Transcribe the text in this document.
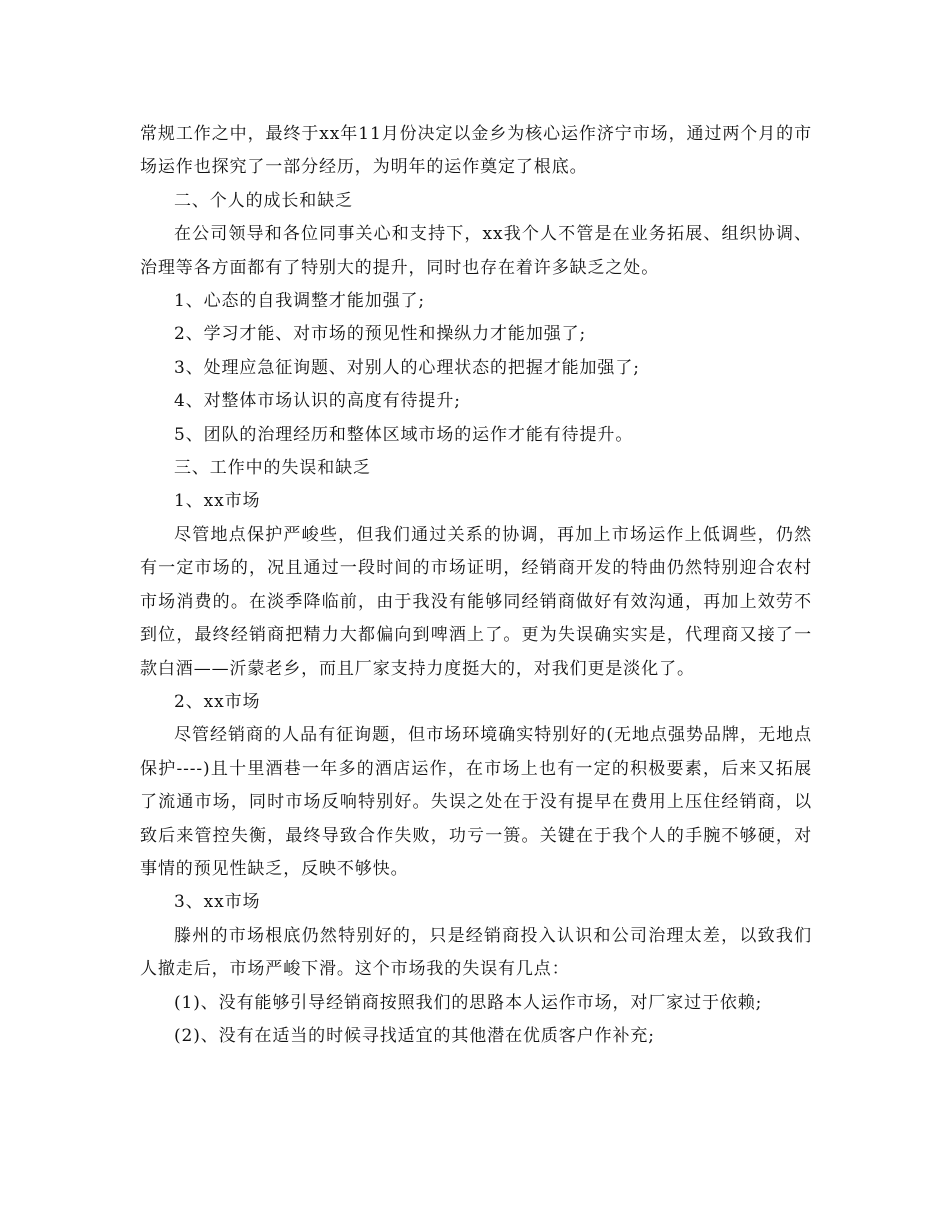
常规工作之中，最终于xx年11月份决定以金乡为核心运作济宁市场，通过两个月的市场运作也探究了一部分经历，为明年的运作奠定了根底。

二、个人的成长和缺乏

在公司领导和各位同事关心和支持下，xx我个人不管是在业务拓展、组织协调、治理等各方面都有了特别大的提升，同时也存在着许多缺乏之处。

1、心态的自我调整才能加强了;

2、学习才能、对市场的预见性和操纵力才能加强了;

3、处理应急征询题、对别人的心理状态的把握才能加强了;

4、对整体市场认识的高度有待提升;

5、团队的治理经历和整体区域市场的运作才能有待提升。

三、工作中的失误和缺乏

1、xx市场

尽管地点保护严峻些，但我们通过关系的协调，再加上市场运作上低调些，仍然有一定市场的，况且通过一段时间的市场证明，经销商开发的特曲仍然特别迎合农村市场消费的。在淡季降临前，由于我没有能够同经销商做好有效沟通，再加上效劳不到位，最终经销商把精力大都偏向到啤酒上了。更为失误确实实是，代理商又接了一款白酒——沂蒙老乡，而且厂家支持力度挺大的，对我们更是淡化了。

2、xx市场

尽管经销商的人品有征询题，但市场环境确实特别好的(无地点强势品牌，无地点保护----)且十里酒巷一年多的酒店运作，在市场上也有一定的积极要素，后来又拓展了流通市场，同时市场反响特别好。失误之处在于没有提早在费用上压住经销商，以致后来管控失衡，最终导致合作失败，功亏一篑。关键在于我个人的手腕不够硬，对事情的预见性缺乏，反映不够快。

3、xx市场

滕州的市场根底仍然特别好的，只是经销商投入认识和公司治理太差，以致我们人撤走后，市场严峻下滑。这个市场我的失误有几点：

(1)、没有能够引导经销商按照我们的思路本人运作市场，对厂家过于依赖;

(2)、没有在适当的时候寻找适宜的其他潜在优质客户作补充;
